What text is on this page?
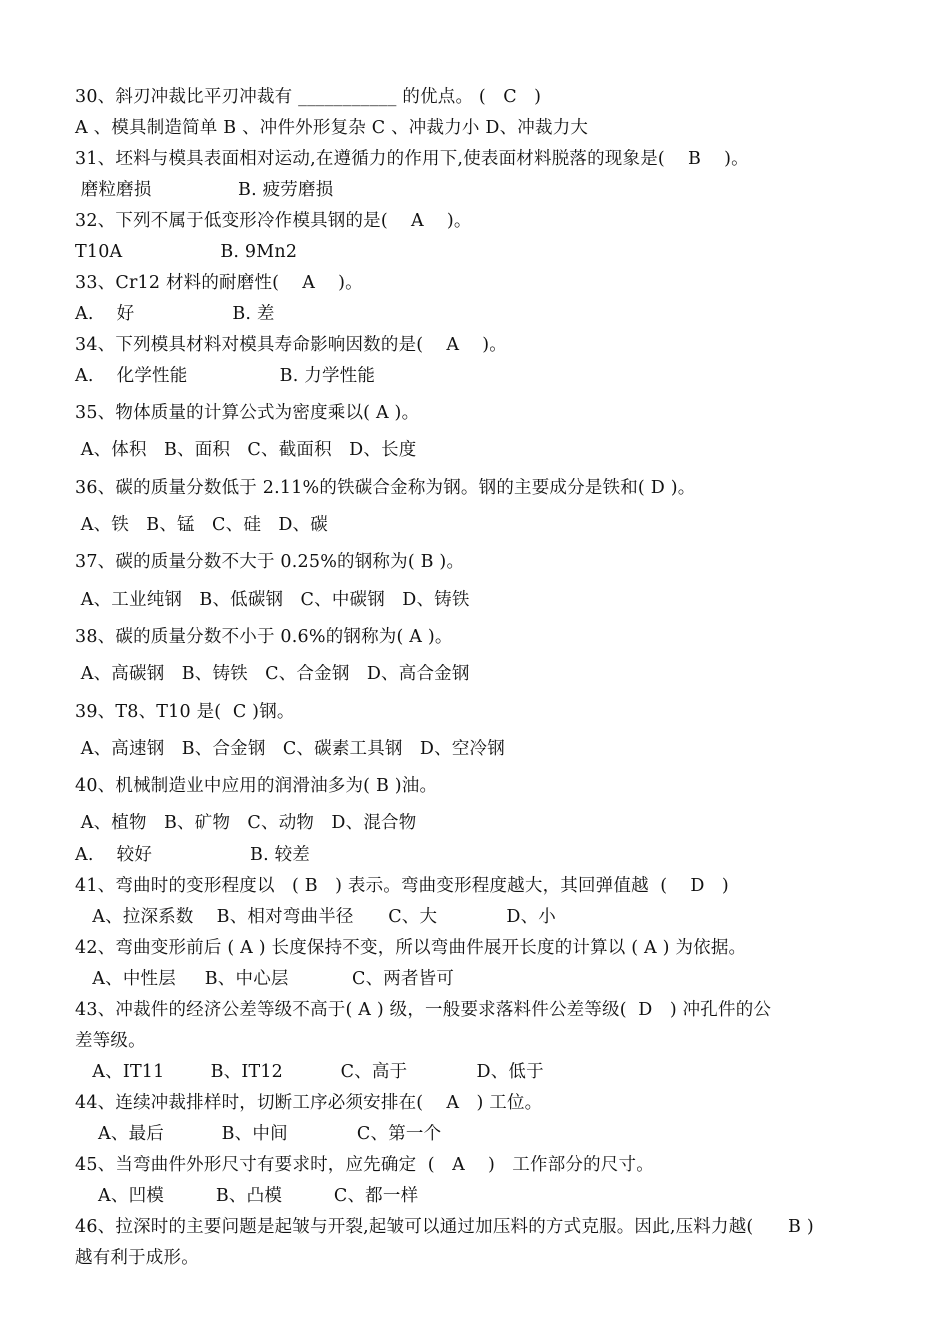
30、斜刃冲裁比平刃冲裁有 ___________ 的优点。 (   C   )
A 、模具制造简单 B 、冲件外形复杂 C 、冲裁力小 D、冲裁力大
31、坯料与模具表面相对运动,在遵循力的作用下,使表面材料脱落的现象是(    B    )。
磨粒磨损               B. 疲劳磨损
32、下列不属于低变形冷作模具钢的是(    A    )。
T10A                 B. 9Mn2
33、Cr12 材料的耐磨性(    A    )。
A.    好                 B. 差
34、下列模具材料对模具寿命影响因数的是(    A    )。
A.    化学性能                B. 力学性能
35、物体质量的计算公式为密度乘以( A )。
A、体积   B、面积   C、截面积   D、长度
36、碳的质量分数低于 2.11%的铁碳合金称为钢。钢的主要成分是铁和( D )。
A、铁   B、锰   C、硅   D、碳
37、碳的质量分数不大于 0.25%的钢称为( B )。
A、工业纯钢   B、低碳钢   C、中碳钢   D、铸铁
38、碳的质量分数不小于 0.6%的钢称为( A )。
A、高碳钢   B、铸铁   C、合金钢   D、高合金钢
39、T8、T10 是(  C )钢。
A、高速钢   B、合金钢   C、碳素工具钢   D、空冷钢
40、机械制造业中应用的润滑油多为( B )油。
A、植物   B、矿物   C、动物   D、混合物
A.    较好                 B. 较差
41、弯曲时的变形程度以   ( B   ) 表示。弯曲变形程度越大，其回弹值越  (    D   )
A、拉深系数    B、相对弯曲半径      C、大            D、小
42、弯曲变形前后 ( A ) 长度保持不变，所以弯曲件展开长度的计算以 ( A ) 为依据。
A、中性层     B、中心层           C、两者皆可
43、冲裁件的经济公差等级不高于( A ) 级，一般要求落料件公差等级(  D   ) 冲孔件的公
差等级。
A、IT11        B、IT12          C、高于            D、低于
44、连续冲裁排样时，切断工序必须安排在(    A   ) 工位。
A、最后          B、中间            C、第一个
45、当弯曲件外形尺寸有要求时，应先确定  (   A    )   工作部分的尺寸。
A、凹模         B、凸模         C、都一样
46、拉深时的主要问题是起皱与开裂,起皱可以通过加压料的方式克服。因此,压料力越(      B )
越有利于成形。
